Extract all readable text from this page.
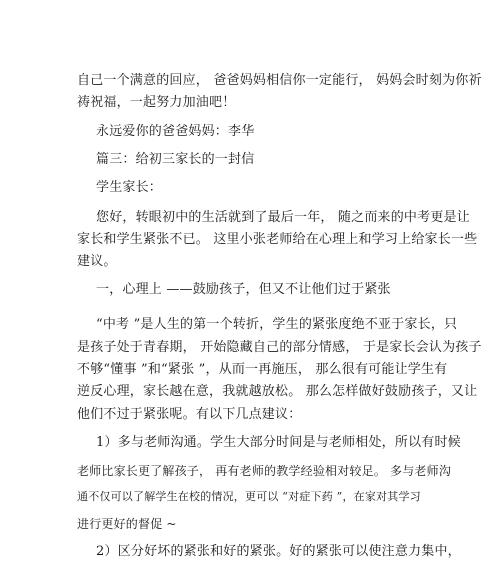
自己一个满意的回应， 爸爸妈妈相信你一定能行， 妈妈会时刻为你祈
祷祝福，一起努力加油吧！
永远爱你的爸爸妈妈：李华
篇三：给初三家长的一封信
学生家长：
您好，转眼初中的生活就到了最后一年， 随之而来的中考更是让
家长和学生紧张不已。 这里小张老师给在心理上和学习上给家长一些
建议。
一，心理上 ——鼓励孩子，但又不让他们过于紧张
“中考 ”是人生的第一个转折，学生的紧张度绝不亚于家长，只
是孩子处于青春期， 开始隐藏自己的部分情感， 于是家长会认为孩子
不够“懂事 ”和“紧张 ”，从而一再施压， 那么很有可能让学生有
逆反心理，家长越在意，我就越放松。 那么怎样做好鼓励孩子，又让
他们不过于紧张呢。有以下几点建议：
1）多与老师沟通。学生大部分时间是与老师相处，所以有时候
老师比家长更了解孩子， 再有老师的教学经验相对较足。 多与老师沟
通不仅可以了解学生在校的情况，更可以 “对症下药 ”，在家对其学习
进行更好的督促 ~
2）区分好坏的紧张和好的紧张。好的紧张可以使注意力集中，
